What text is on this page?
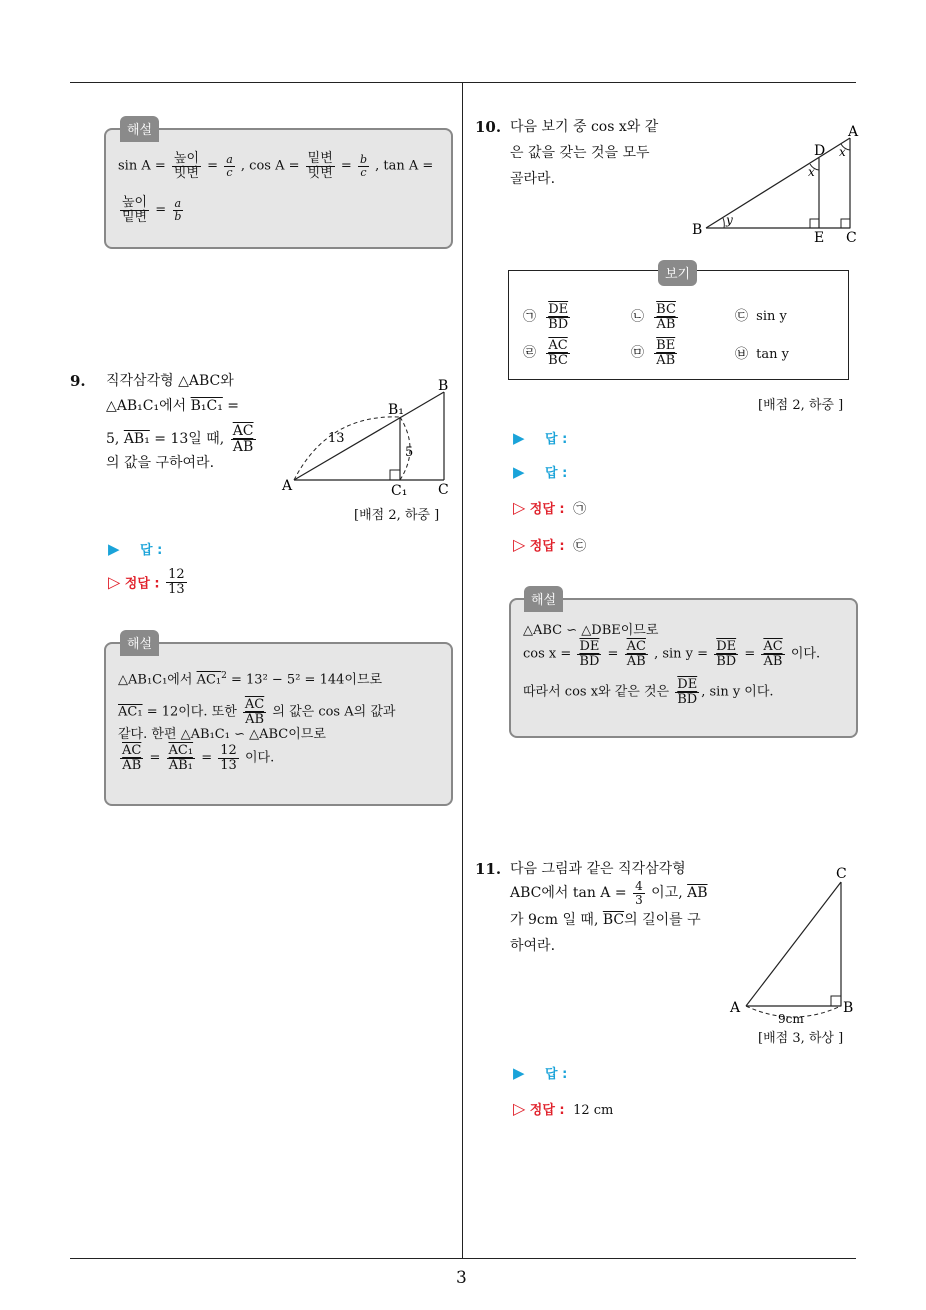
3
$\sin A = \frac{\text{높이}}{\text{빗변}} = \frac{a}{c}$ , $\cos A = \frac{\text{밑변}}{\text{빗변}} = \frac{b}{c}$ , tan A =
$\frac{\text{높이}}{\text{밑변}} = \frac{a}{b}$
해설
9. 직각삼각형 △ABC와
△AB₁C₁에서 B₁C₁ =
5, AB₁ = 13일 때, $\frac{\overline{AC}}{AB}$
의 값을 구하여라.
A
B
C
B₁
C₁
13
5
[배점 2, 하중 ]
▶ 답 :
▷ 정답 : $\frac{12}{13}$
△AB₁C₁에서 AC₁$^2$ = 13² − 5² = 144이므로
AC₁ = 12이다. 또한 $\frac{\overline{AC}}{AB}$ 의 값은 cos A의 값과
같다. 한편 △AB₁C₁ ∽ △ABC이므로
$\frac{\overline{AC}}{AB} = \frac{\text{AC₁}}{\text{AB₁}} = \frac{12}{13}$ 이다.
해설
10. 다음 보기 중 cos x와 같
은 값을 갖는 것을 모두
골라라.
B
A
C
D
E
x
x
y
㉠ $\frac{\overline{DE}}{BD}$	㉡ $\frac{\overline{BC}}{AB}$	㉢ sin y
㉣ $\frac{\overline{AC}}{BC}$	㉤ $\frac{\overline{BE}}{AB}$	㉥ tan y
보기
[배점 2, 하중 ]
▶ 답 :
▶ 답 :
▷ 정답 : ㉠
▷ 정답 : ㉢
△ABC ∽ △DBE이므로
$\cos x = \frac{\overline{DE}}{BD} = \frac{\overline{AC}}{AB}$ , $\sin y = \frac{\overline{DE}}{BD} = \frac{\overline{AC}}{AB}$ 이다.
따라서 cos x와 같은 것은 $\frac{\overline{DE}}{BD}$ , sin y 이다.
해설
11. 다음 그림과 같은 직각삼각형
ABC에서 $\tan A = \frac{4}{3}$ 이고, $\overline{AB}$
가 9cm 일 때, $\overline{BC}$의 길이를 구
하여라.
A	B
C
9cm
[배점 3, 하상 ]
▶ 답 :
▷ 정답 : 12 cm
